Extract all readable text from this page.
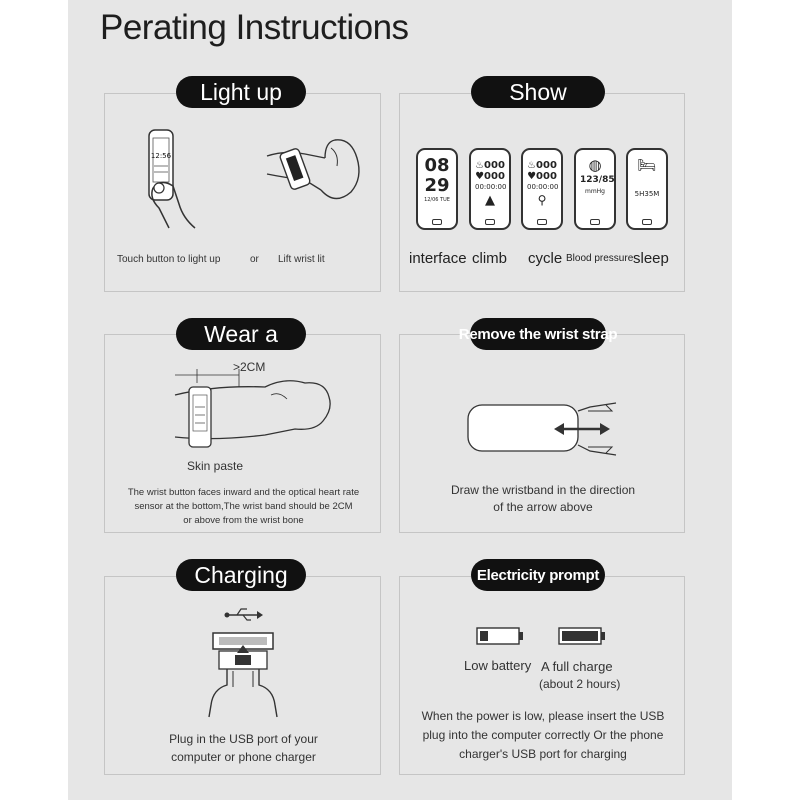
Perating Instructions
12:56
Touch button to light up	or Lift wrist lit
Light up
08
29
12/06 TUE
♨000
♥000
00:00:00
▲
♨000
♥000
00:00:00
⚲
◍
123/85
mmHg
🛏
5H35M
interface climb cycle Blood pressure sleep
Show
>2CM
Skin paste
The wrist button faces inward and the optical heart rate
sensor at the bottom,The wrist band should be 2CM
or above from the wrist bone
Wear a
Draw the wristband in the direction
of the arrow above
Remove the wrist strap
Plug in the USB port of your
computer or phone charger
Charging
Low battery A full charge
(about 2 hours)
When the power is low, please insert the USB
plug into the computer correctly Or the phone
charger's USB port for charging
Electricity prompt
